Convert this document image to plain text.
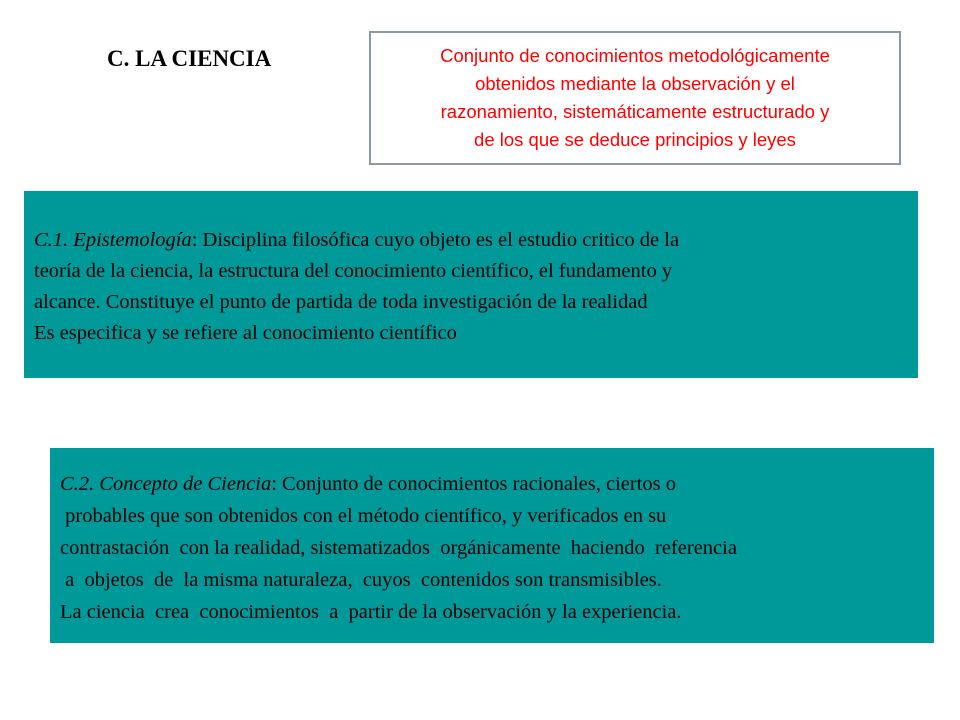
C. LA CIENCIA	Conjunto de conocimientos metodológicamente
obtenidos mediante la observación y el
razonamiento, sistemáticamente estructurado y
de los que se deduce principios y leyes

C.1. Epistemología: Disciplina filosófica cuyo objeto es el estudio critico de la
teoría de la ciencia, la estructura del conocimiento científico, el fundamento y
alcance. Constituye el punto de partida de toda investigación de la realidad
Es especifica y se refiere al conocimiento científico
C.2. Concepto de Ciencia: Conjunto de conocimientos racionales, ciertos o
probables que son obtenidos con el método científico, y verificados en su
contrastación  con la realidad, sistematizados  orgánicamente  haciendo  referencia
a  objetos  de  la misma naturaleza,  cuyos  contenidos son transmisibles.
La ciencia  crea  conocimientos  a  partir de la observación y la experiencia.
